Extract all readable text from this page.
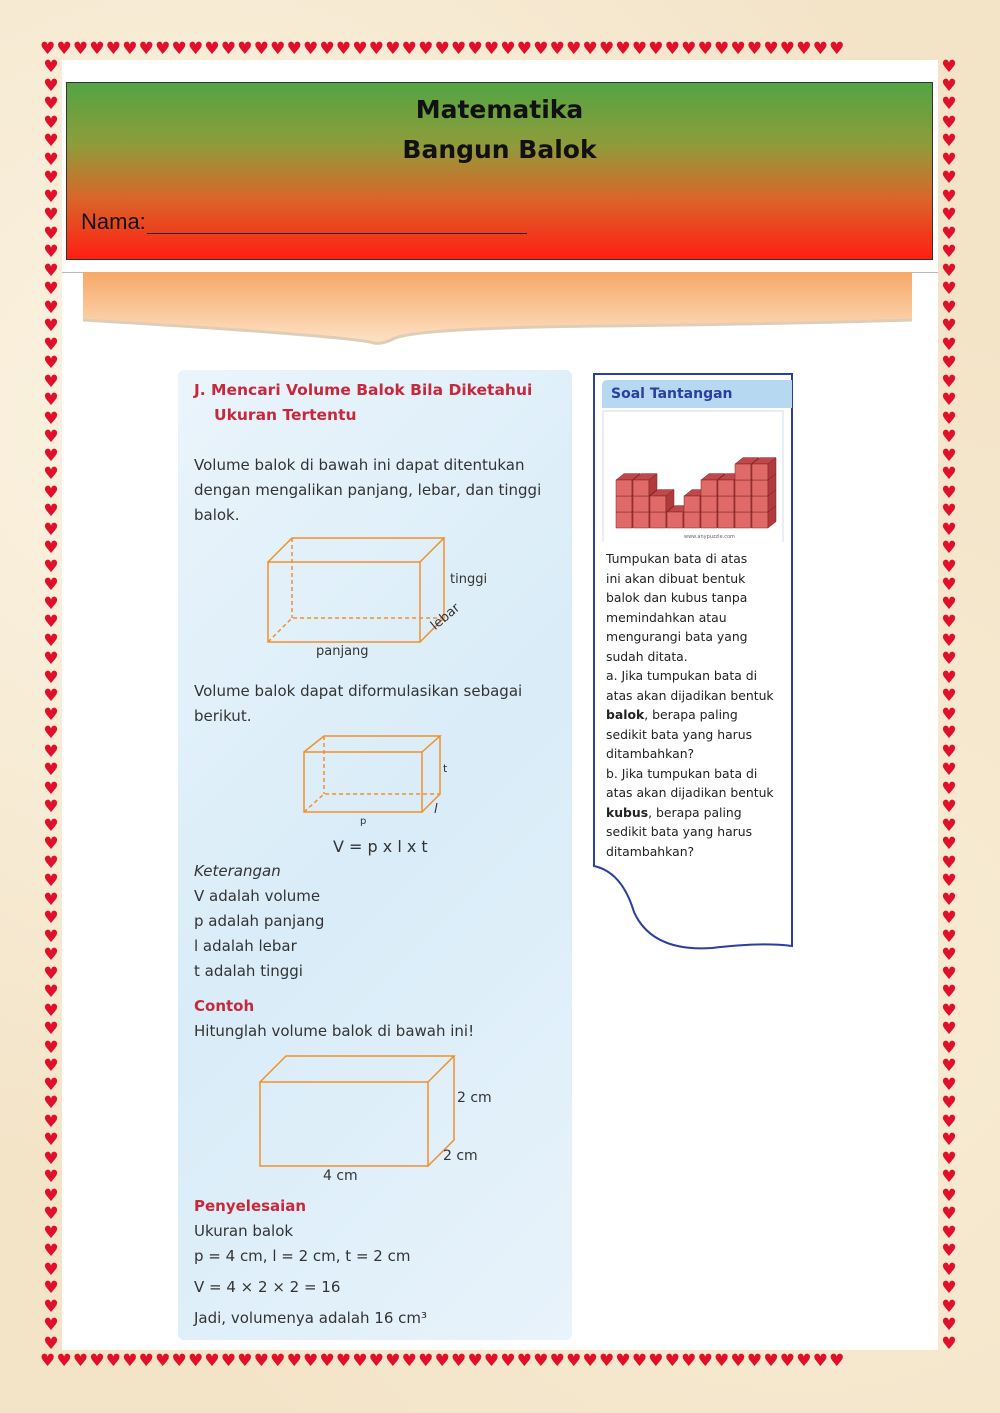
♥♥♥♥♥♥♥♥♥♥♥♥♥♥♥♥♥♥♥♥♥♥♥♥♥♥♥♥♥♥♥♥♥♥♥♥♥♥♥♥♥♥♥♥♥♥♥♥♥
♥♥♥♥♥♥♥♥♥♥♥♥♥♥♥♥♥♥♥♥♥♥♥♥♥♥♥♥♥♥♥♥♥♥♥♥♥♥♥♥♥♥♥♥♥♥♥♥♥
♥
♥
♥
♥
♥
♥
♥
♥
♥
♥
♥
♥
♥
♥
♥
♥
♥
♥
♥
♥
♥
♥
♥
♥
♥
♥
♥
♥
♥
♥
♥
♥
♥
♥
♥
♥
♥
♥
♥
♥
♥
♥
♥
♥
♥
♥
♥
♥
♥
♥
♥
♥
♥
♥
♥
♥
♥
♥
♥
♥
♥
♥
♥
♥
♥
♥
♥
♥
♥
♥
♥
♥
♥
♥
♥
♥
♥
♥
♥
♥
♥
♥
♥
♥
♥
♥
♥
♥
♥
♥
♥
♥
♥
♥
♥
♥
♥
♥
♥
♥
♥
♥
♥
♥
♥
♥
♥
♥
♥
♥
♥
♥
♥
♥
♥
♥
♥
♥
♥
♥
♥
♥
♥
♥
♥
♥
♥
♥
♥
♥
♥
♥
♥
♥
♥
♥
♥
♥
♥
♥
Matematika
Bangun Balok
Nama:
J. Mencari Volume Balok Bila Diketahui
Ukuran Tertentu
Volume balok di bawah ini dapat ditentukan
dengan mengalikan panjang, lebar, dan tinggi
balok.
tinggi
lebar
panjang
Volume balok dapat diformulasikan sebagai
berikut.
t
l
p
V = p x l x t
Keterangan
V adalah volume
p adalah panjang
l adalah lebar
t adalah tinggi
Contoh
Hitunglah volume balok di bawah ini!
2 cm
2 cm
4 cm
Penyelesaian
Ukuran balok
p = 4 cm, l = 2 cm, t = 2 cm
V = 4 × 2 × 2 = 16
Jadi, volumenya adalah 16 cm³
Soal Tantangan
www.anypuzzle.com
Tumpukan bata di atas
ini akan dibuat bentuk
balok dan kubus tanpa
memindahkan atau
mengurangi bata yang
sudah ditata.
a. Jika tumpukan bata di
atas akan dijadikan bentuk
balok, berapa paling
sedikit bata yang harus
ditambahkan?
b. Jika tumpukan bata di
atas akan dijadikan bentuk
kubus, berapa paling
sedikit bata yang harus
ditambahkan?
